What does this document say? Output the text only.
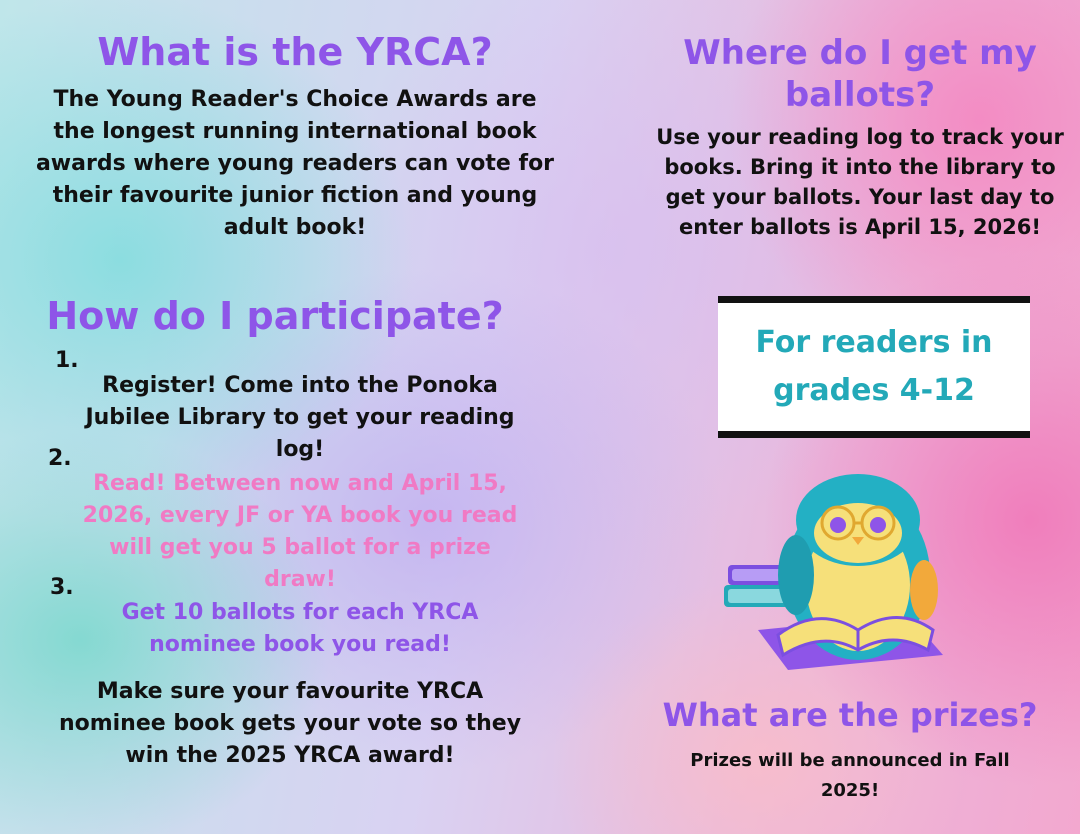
What is the YRCA?

The Young Reader's Choice Awards are the longest running international book awards where young readers can vote for their favourite junior fiction and young adult book!

How do I participate?
1.

Register! Come into the Ponoka Jubilee Library to get your reading log!

2.

Read! Between now and April 15, 2026, every JF or YA book you read will get you 5 ballot for a prize draw!

3.

Get 10 ballots for each YRCA nominee book you read!

Make sure your favourite YRCA nominee book gets your vote so they win the 2025 YRCA award!

Where do I get my ballots?

Use your reading log to track your books. Bring it into the library to get your ballots. Your last day to enter ballots is April 15, 2026!

For readers in grades 4-12

What are the prizes?

Prizes will be announced in Fall 2025!
